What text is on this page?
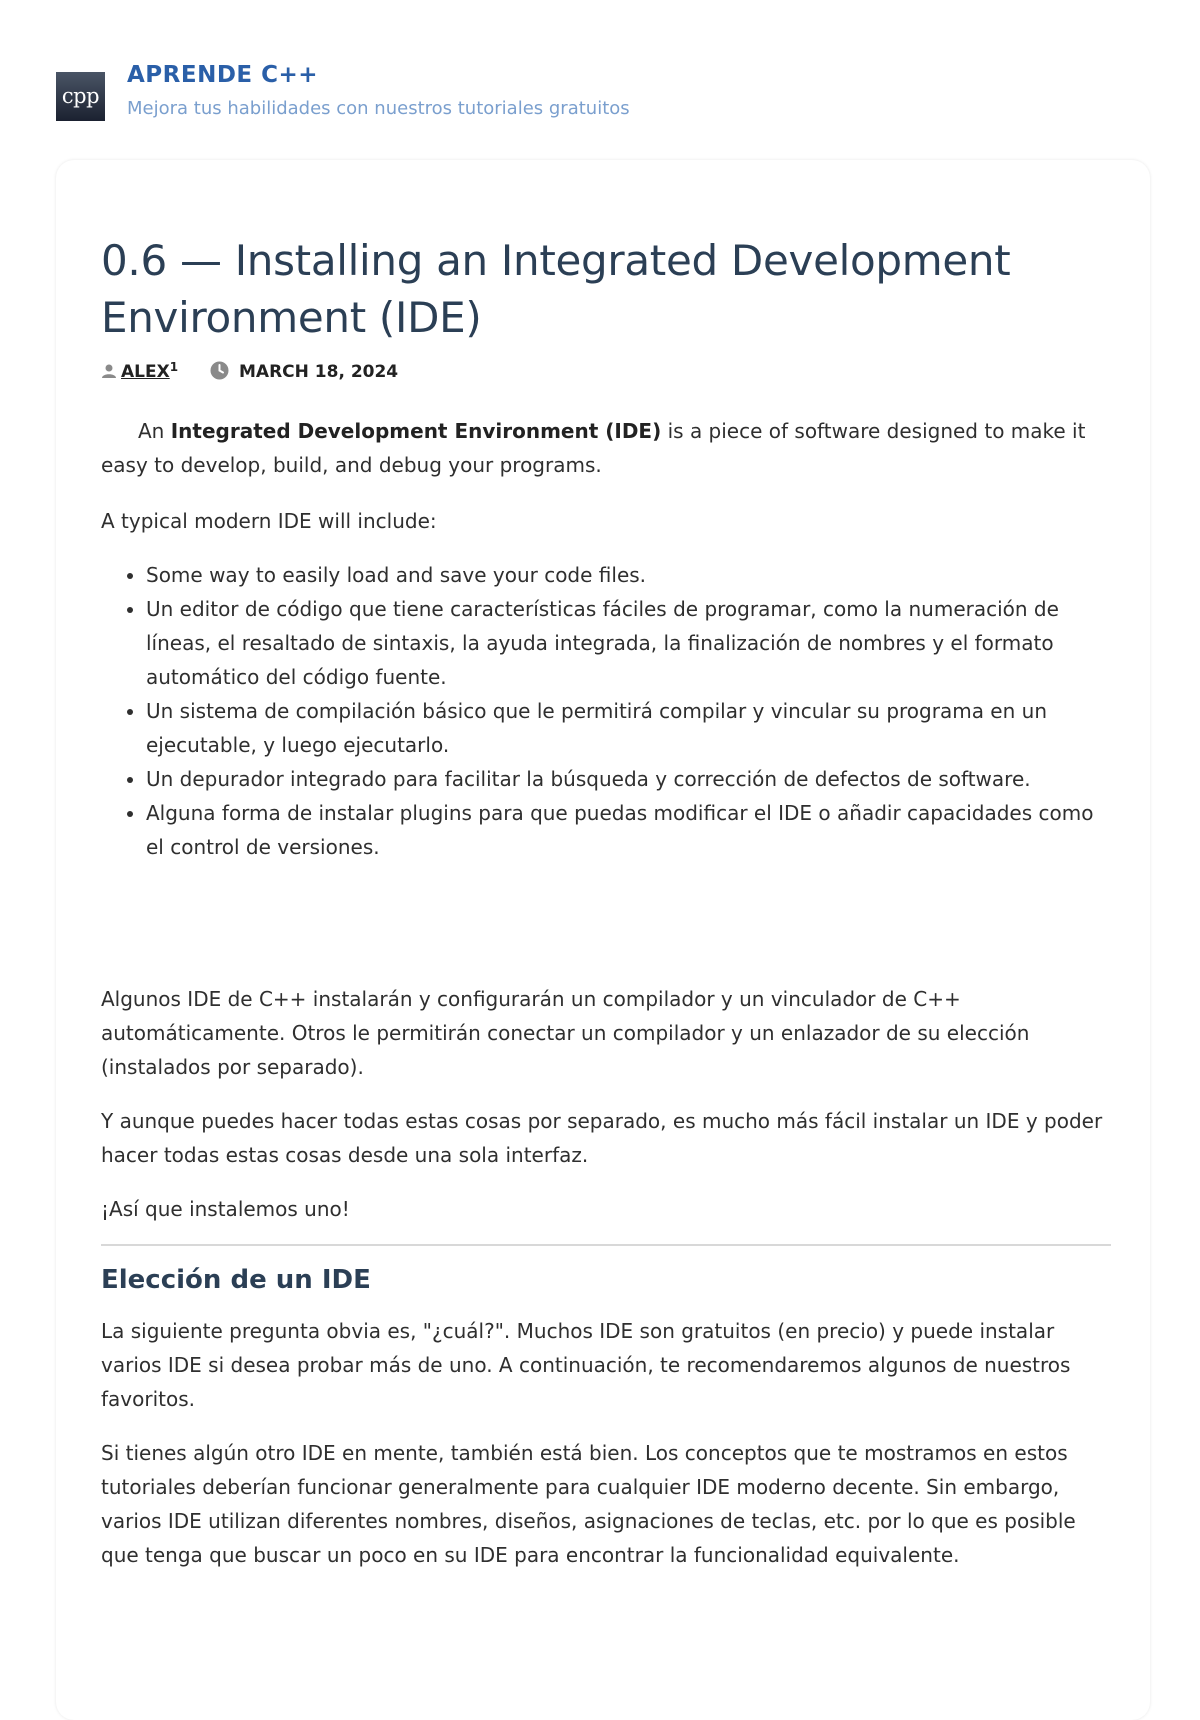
cpp
APRENDE C++
Mejora tus habilidades con nuestros tutoriales gratuitos
0.6 — Installing an Integrated Development Environment (IDE)
ALEX$^1$	MARCH 18, 2024

An Integrated Development Environment (IDE) is a piece of software designed to make it easy to develop, build, and debug your programs.

A typical modern IDE will include:

• Some way to easily load and save your code files.
• Un editor de código que tiene características fáciles de programar, como la numeración de líneas, el resaltado de sintaxis, la ayuda integrada, la finalización de nombres y el formato automático del código fuente.
• Un sistema de compilación básico que le permitirá compilar y vincular su programa en un ejecutable, y luego ejecutarlo.
• Un depurador integrado para facilitar la búsqueda y corrección de defectos de software.
• Alguna forma de instalar plugins para que puedas modificar el IDE o añadir capacidades como el control de versiones.

Algunos IDE de C++ instalarán y configurarán un compilador y un vinculador de C++ automáticamente. Otros le permitirán conectar un compilador y un enlazador de su elección (instalados por separado).

Y aunque puedes hacer todas estas cosas por separado, es mucho más fácil instalar un IDE y poder hacer todas estas cosas desde una sola interfaz.

¡Así que instalemos uno!

Elección de un IDE

La siguiente pregunta obvia es, "¿cuál?". Muchos IDE son gratuitos (en precio) y puede instalar varios IDE si desea probar más de uno. A continuación, te recomendaremos algunos de nuestros favoritos.

Si tienes algún otro IDE en mente, también está bien. Los conceptos que te mostramos en estos tutoriales deberían funcionar generalmente para cualquier IDE moderno decente. Sin embargo, varios IDE utilizan diferentes nombres, diseños, asignaciones de teclas, etc. por lo que es posible que tenga que buscar un poco en su IDE para encontrar la funcionalidad equivalente.
